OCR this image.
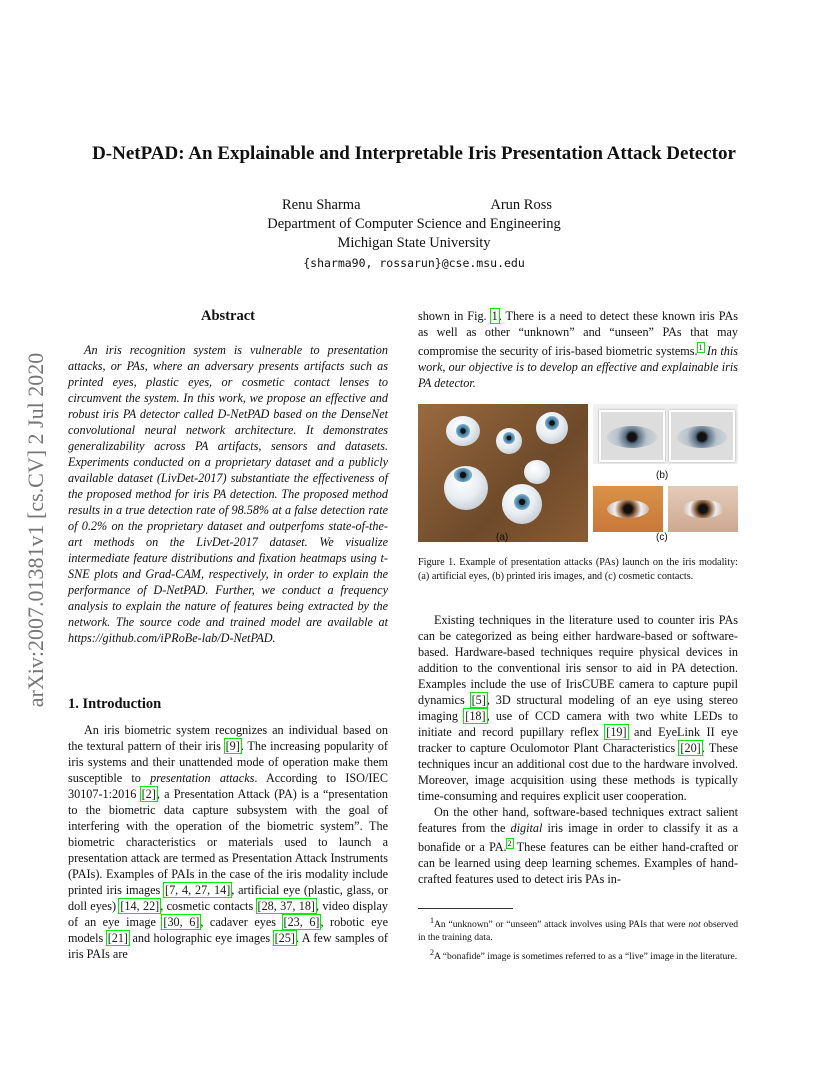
arXiv:2007.01381v1 [cs.CV] 2 Jul 2020
D-NetPAD: An Explainable and Interpretable Iris Presentation Attack Detector
Renu Sharma	Arun Ross
Department of Computer Science and Engineering
Michigan State University
{sharma90, rossarun}@cse.msu.edu
Abstract

An iris recognition system is vulnerable to presentation attacks, or PAs, where an adversary presents artifacts such as printed eyes, plastic eyes, or cosmetic contact lenses to circumvent the system. In this work, we propose an effective and robust iris PA detector called D-NetPAD based on the DenseNet convolutional neural network architecture. It demonstrates generalizability across PA artifacts, sensors and datasets. Experiments conducted on a proprietary dataset and a publicly available dataset (LivDet-2017) substantiate the effectiveness of the proposed method for iris PA detection. The proposed method results in a true detection rate of 98.58% at a false detection rate of 0.2% on the proprietary dataset and outperfoms state-of-the-art methods on the LivDet-2017 dataset. We visualize intermediate feature distributions and fixation heatmaps using t-SNE plots and Grad-CAM, respectively, in order to explain the performance of D-NetPAD. Further, we conduct a frequency analysis to explain the nature of features being extracted by the network. The source code and trained model are available at https://github.com/iPRoBe-lab/D-NetPAD.

1. Introduction

An iris biometric system recognizes an individual based on the textural pattern of their iris [9]. The increasing popularity of iris systems and their unattended mode of operation make them susceptible to presentation attacks. According to ISO/IEC 30107-1:2016 [2], a Presentation Attack (PA) is a “presentation to the biometric data capture subsystem with the goal of interfering with the operation of the biometric system”. The biometric characteristics or materials used to launch a presentation attack are termed as Presentation Attack Instruments (PAIs). Examples of PAIs in the case of the iris modality include printed iris images [7, 4, 27, 14], artificial eye (plastic, glass, or doll eyes) [14, 22], cosmetic contacts [28, 37, 18], video display of an eye image [30, 6], cadaver eyes [23, 6], robotic eye models [21] and holographic eye images [25]. A few samples of iris PAIs are

shown in Fig. 1. There is a need to detect these known iris PAs as well as other “unknown” and “unseen” PAs that may compromise the security of iris-based biometric systems.$^1$ In this work, our objective is to develop an effective and explainable iris PA detector.

(a)
(b)
(c)
Figure 1. Example of presentation attacks (PAs) launch on the iris modality: (a) artificial eyes, (b) printed iris images, and (c) cosmetic contacts.

Existing techniques in the literature used to counter iris PAs can be categorized as being either hardware-based or software-based. Hardware-based techniques require physical devices in addition to the conventional iris sensor to aid in PA detection. Examples include the use of IrisCUBE camera to capture pupil dynamics [5], 3D structural modeling of an eye using stereo imaging [18], use of CCD camera with two white LEDs to initiate and record pupillary reflex [19] and EyeLink II eye tracker to capture Oculomotor Plant Characteristics [20]. These techniques incur an additional cost due to the hardware involved. Moreover, image acquisition using these methods is typically time-consuming and requires explicit user cooperation.

On the other hand, software-based techniques extract salient features from the digital iris image in order to classify it as a bonafide or a PA.$^2$ These features can be either hand-crafted or can be learned using deep learning schemes. Examples of hand-crafted features used to detect iris PAs in-

$^1$An “unknown” or “unseen” attack involves using PAIs that were not observed in the training data.

$^2$A “bonafide” image is sometimes referred to as a “live” image in the literature.
